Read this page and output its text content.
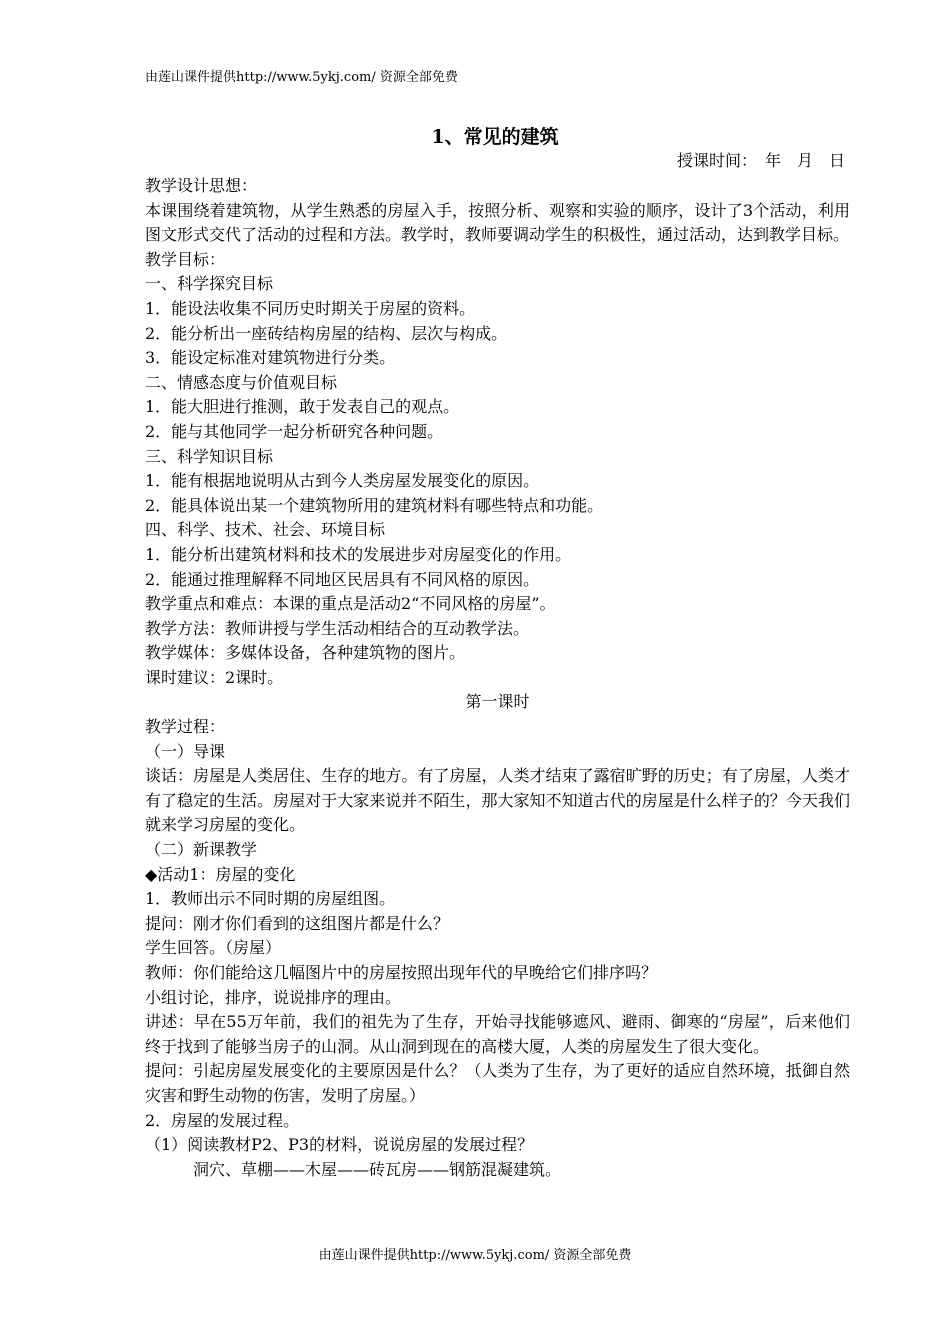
由莲山课件提供http://www.5ykj.com/ 资源全部免费
1、常见的建筑
授课时间：　年　月　日

教学设计思想：

本课围绕着建筑物，从学生熟悉的房屋入手，按照分析、观察和实验的顺序，设计了3个活动，利用图文形式交代了活动的过程和方法。教学时，教师要调动学生的积极性，通过活动，达到教学目标。

教学目标：

一、科学探究目标

1．能设法收集不同历史时期关于房屋的资料。

2．能分析出一座砖结构房屋的结构、层次与构成。

3．能设定标准对建筑物进行分类。

二、情感态度与价值观目标

1．能大胆进行推测，敢于发表自己的观点。

2．能与其他同学一起分析研究各种问题。

三、科学知识目标

1．能有根据地说明从古到今人类房屋发展变化的原因。

2．能具体说出某一个建筑物所用的建筑材料有哪些特点和功能。

四、科学、技术、社会、环境目标

1．能分析出建筑材料和技术的发展进步对房屋变化的作用。

2．能通过推理解释不同地区民居具有不同风格的原因。

教学重点和难点：本课的重点是活动2“不同风格的房屋”。

教学方法：教师讲授与学生活动相结合的互动教学法。

教学媒体：多媒体设备，各种建筑物的图片。

课时建议：2课时。

第一课时

教学过程：

（一）导课

谈话：房屋是人类居住、生存的地方。有了房屋，人类才结束了露宿旷野的历史；有了房屋，人类才有了稳定的生活。房屋对于大家来说并不陌生，那大家知不知道古代的房屋是什么样子的？今天我们就来学习房屋的变化。

（二）新课教学

◆活动1：房屋的变化

1．教师出示不同时期的房屋组图。

提问：刚才你们看到的这组图片都是什么？

学生回答。（房屋）

教师：你们能给这几幅图片中的房屋按照出现年代的早晚给它们排序吗？

小组讨论，排序，说说排序的理由。

讲述：早在55万年前，我们的祖先为了生存，开始寻找能够遮风、避雨、御寒的“房屋”，后来他们终于找到了能够当房子的山洞。从山洞到现在的高楼大厦，人类的房屋发生了很大变化。

提问：引起房屋发展变化的主要原因是什么？（人类为了生存，为了更好的适应自然环境，抵御自然灾害和野生动物的伤害，发明了房屋。）

2．房屋的发展过程。

（1）阅读教材P2、P3的材料，说说房屋的发展过程？

洞穴、草棚——木屋——砖瓦房——钢筋混凝建筑。

由莲山课件提供http://www.5ykj.com/ 资源全部免费
